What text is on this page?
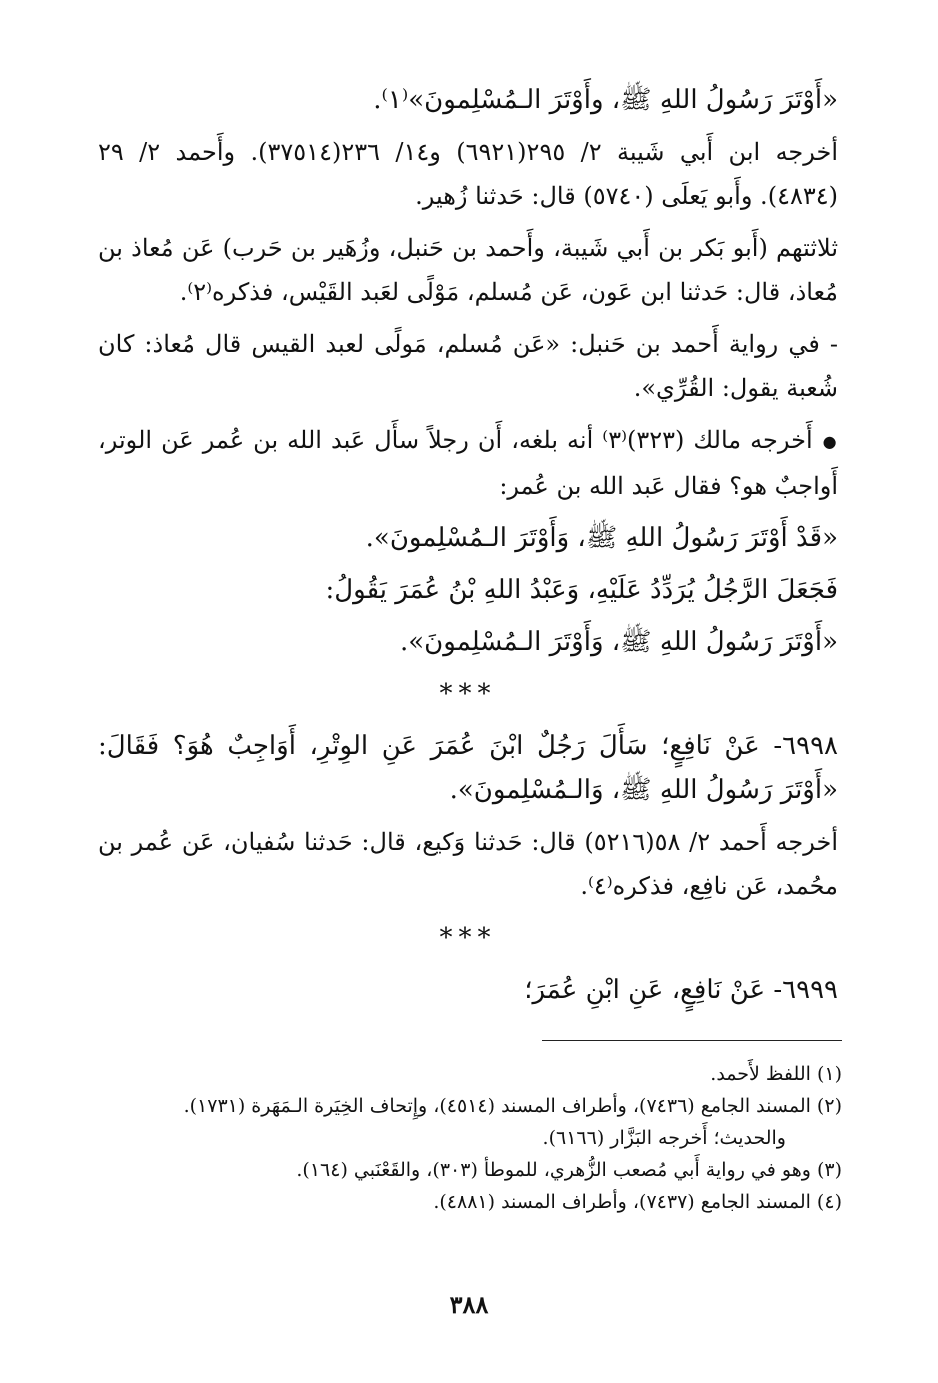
«أَوْتَرَ رَسُولُ اللهِ ﷺ، وأَوْتَرَ الـمُسْلِمونَ»⁽١⁾.

أخرجه ابن أَبي شَيبة ٢/ ٢٩٥(٦٩٢١) و١٤/ ٢٣٦(٣٧٥١٤). وأَحمد ٢/ ٢٩ (٤٨٣٤). وأَبو يَعلَى (٥٧٤٠) قال: حَدثنا زُهير.

ثلاثتهم (أَبو بَكر بن أَبي شَيبة، وأَحمد بن حَنبل، وزُهَير بن حَرب) عَن مُعاذ بن مُعاذ، قال: حَدثنا ابن عَون، عَن مُسلم، مَوْلًى لعَبد القَيْس، فذكره⁽٢⁾.

- في رواية أَحمد بن حَنبل: «عَن مُسلم، مَولًى لعبد القيس قال مُعاذ: كان شُعبة يقول: القُرِّي».

● أَخرجه مالك (٣٢٣)⁽٣⁾ أنه بلغه، أَن رجلاً سأَل عَبد الله بن عُمر عَن الوتر، أَواجبٌ هو؟ فقال عَبد الله بن عُمر:

«قَدْ أَوْتَرَ رَسُولُ اللهِ ﷺ، وَأَوْتَرَ الـمُسْلِمونَ».

فَجَعَلَ الرَّجُلُ يُرَدِّدُ عَلَيْهِ، وَعَبْدُ اللهِ بْنُ عُمَرَ يَقُولُ:

«أَوْتَرَ رَسُولُ اللهِ ﷺ، وَأَوْتَرَ الـمُسْلِمونَ».

***

٦٩٩٨- عَنْ نَافِعٍ؛ سَأَلَ رَجُلٌ ابْنَ عُمَرَ عَنِ الوِتْرِ، أَوَاجِبٌ هُوَ؟ فَقَالَ: «أَوْتَرَ رَسُولُ اللهِ ﷺ، وَالـمُسْلِمونَ».

أخرجه أَحمد ٢/ ٥٨(٥٢١٦) قال: حَدثنا وَكيع، قال: حَدثنا سُفيان، عَن عُمر بن محُمد، عَن نافِع، فذكره⁽٤⁾.

***

٦٩٩٩- عَنْ نَافِعٍ، عَنِ ابْنِ عُمَرَ؛

(١) اللفظ لأَحمد.

(٢) المسند الجامع (٧٤٣٦)، وأطراف المسند (٤٥١٤)، وإِتحاف الخِيَرة الـمَهَرة (١٧٣١).

والحديث؛ أَخرجه البَزَّار (٦١٦٦).

(٣) وهو في رواية أَبي مُصعب الزُّهري، للموطأ (٣٠٣)، والقَعْنَبي (١٦٤).

(٤) المسند الجامع (٧٤٣٧)، وأطراف المسند (٤٨٨١).

٣٨٨
